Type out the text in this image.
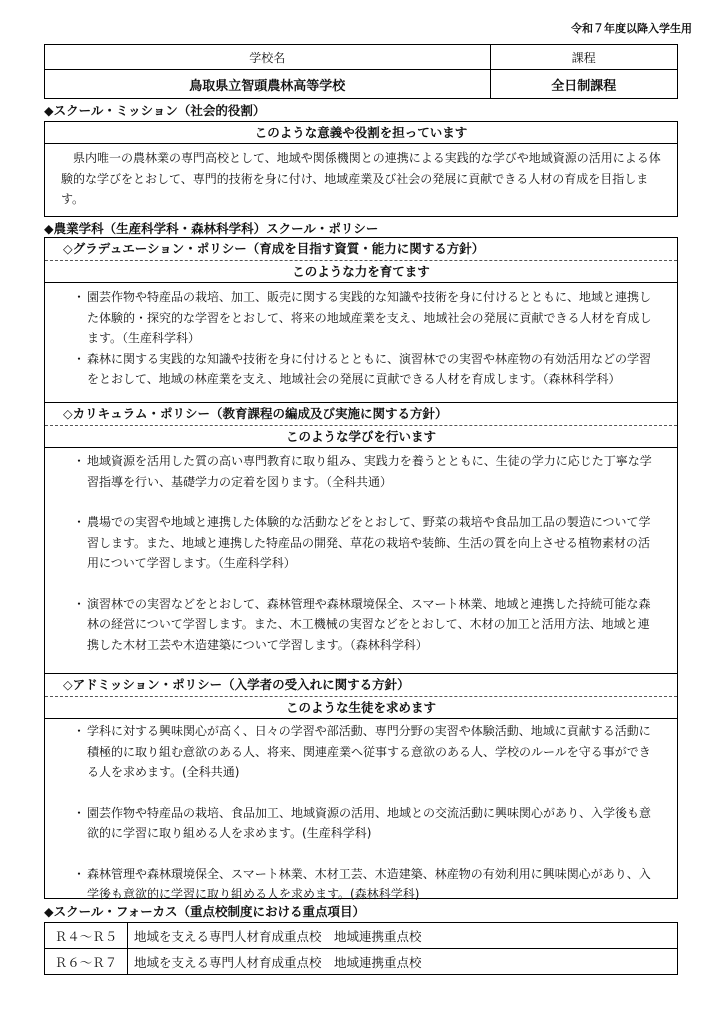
令和７年度以降入学生用
学校名	課程
鳥取県立智頭農林高等学校	全日制課程
◆スクール・ミッション（社会的役割）
このような意義や役割を担っています
県内唯一の農林業の専門高校として、地域や関係機関との連携による実践的な学びや地域資源の活用による体験的な学びをとおして、専門的技術を身に付け、地域産業及び社会の発展に貢献できる人材の育成を目指します。
◆農業学科（生産科学科・森林科学科）スクール・ポリシー
◇グラデュエーション・ポリシー（育成を目指す資質・能力に関する方針）
このような力を育てます
・ 園芸作物や特産品の栽培、加工、販売に関する実践的な知識や技術を身に付けるとともに、地域と連携した体験的・探究的な学習をとおして、将来の地域産業を支え、地域社会の発展に貢献できる人材を育成します。（生産科学科）
・ 森林に関する実践的な知識や技術を身に付けるとともに、演習林での実習や林産物の有効活用などの学習をとおして、地域の林産業を支え、地域社会の発展に貢献できる人材を育成します。（森林科学科）
◇カリキュラム・ポリシー（教育課程の編成及び実施に関する方針）
このような学びを行います
・ 地域資源を活用した質の高い専門教育に取り組み、実践力を養うとともに、生徒の学力に応じた丁寧な学習指導を行い、基礎学力の定着を図ります。（全科共通）
・ 農場での実習や地域と連携した体験的な活動などをとおして、野菜の栽培や食品加工品の製造について学習します。また、地域と連携した特産品の開発、草花の栽培や装飾、生活の質を向上させる植物素材の活用について学習します。（生産科学科）
・ 演習林での実習などをとおして、森林管理や森林環境保全、スマート林業、地域と連携した持続可能な森林の経営について学習します。また、木工機械の実習などをとおして、木材の加工と活用方法、地域と連携した木材工芸や木造建築について学習します。（森林科学科）
◇アドミッション・ポリシー（入学者の受入れに関する方針）
このような生徒を求めます
・ 学科に対する興味関心が高く、日々の学習や部活動、専門分野の実習や体験活動、地域に貢献する活動に積極的に取り組む意欲のある人、将来、関連産業へ従事する意欲のある人、学校のルールを守る事ができる人を求めます。(全科共通)
・ 園芸作物や特産品の栽培、食品加工、地域資源の活用、地域との交流活動に興味関心があり、入学後も意欲的に学習に取り組める人を求めます。(生産科学科)
・ 森林管理や森林環境保全、スマート林業、木材工芸、木造建築、林産物の有効利用に興味関心があり、入学後も意欲的に学習に取り組める人を求めます。(森林科学科)
◆スクール・フォーカス（重点校制度における重点項目）
Ｒ４～Ｒ５	地域を支える専門人材育成重点校　地域連携重点校
Ｒ６～Ｒ７	地域を支える専門人材育成重点校　地域連携重点校
